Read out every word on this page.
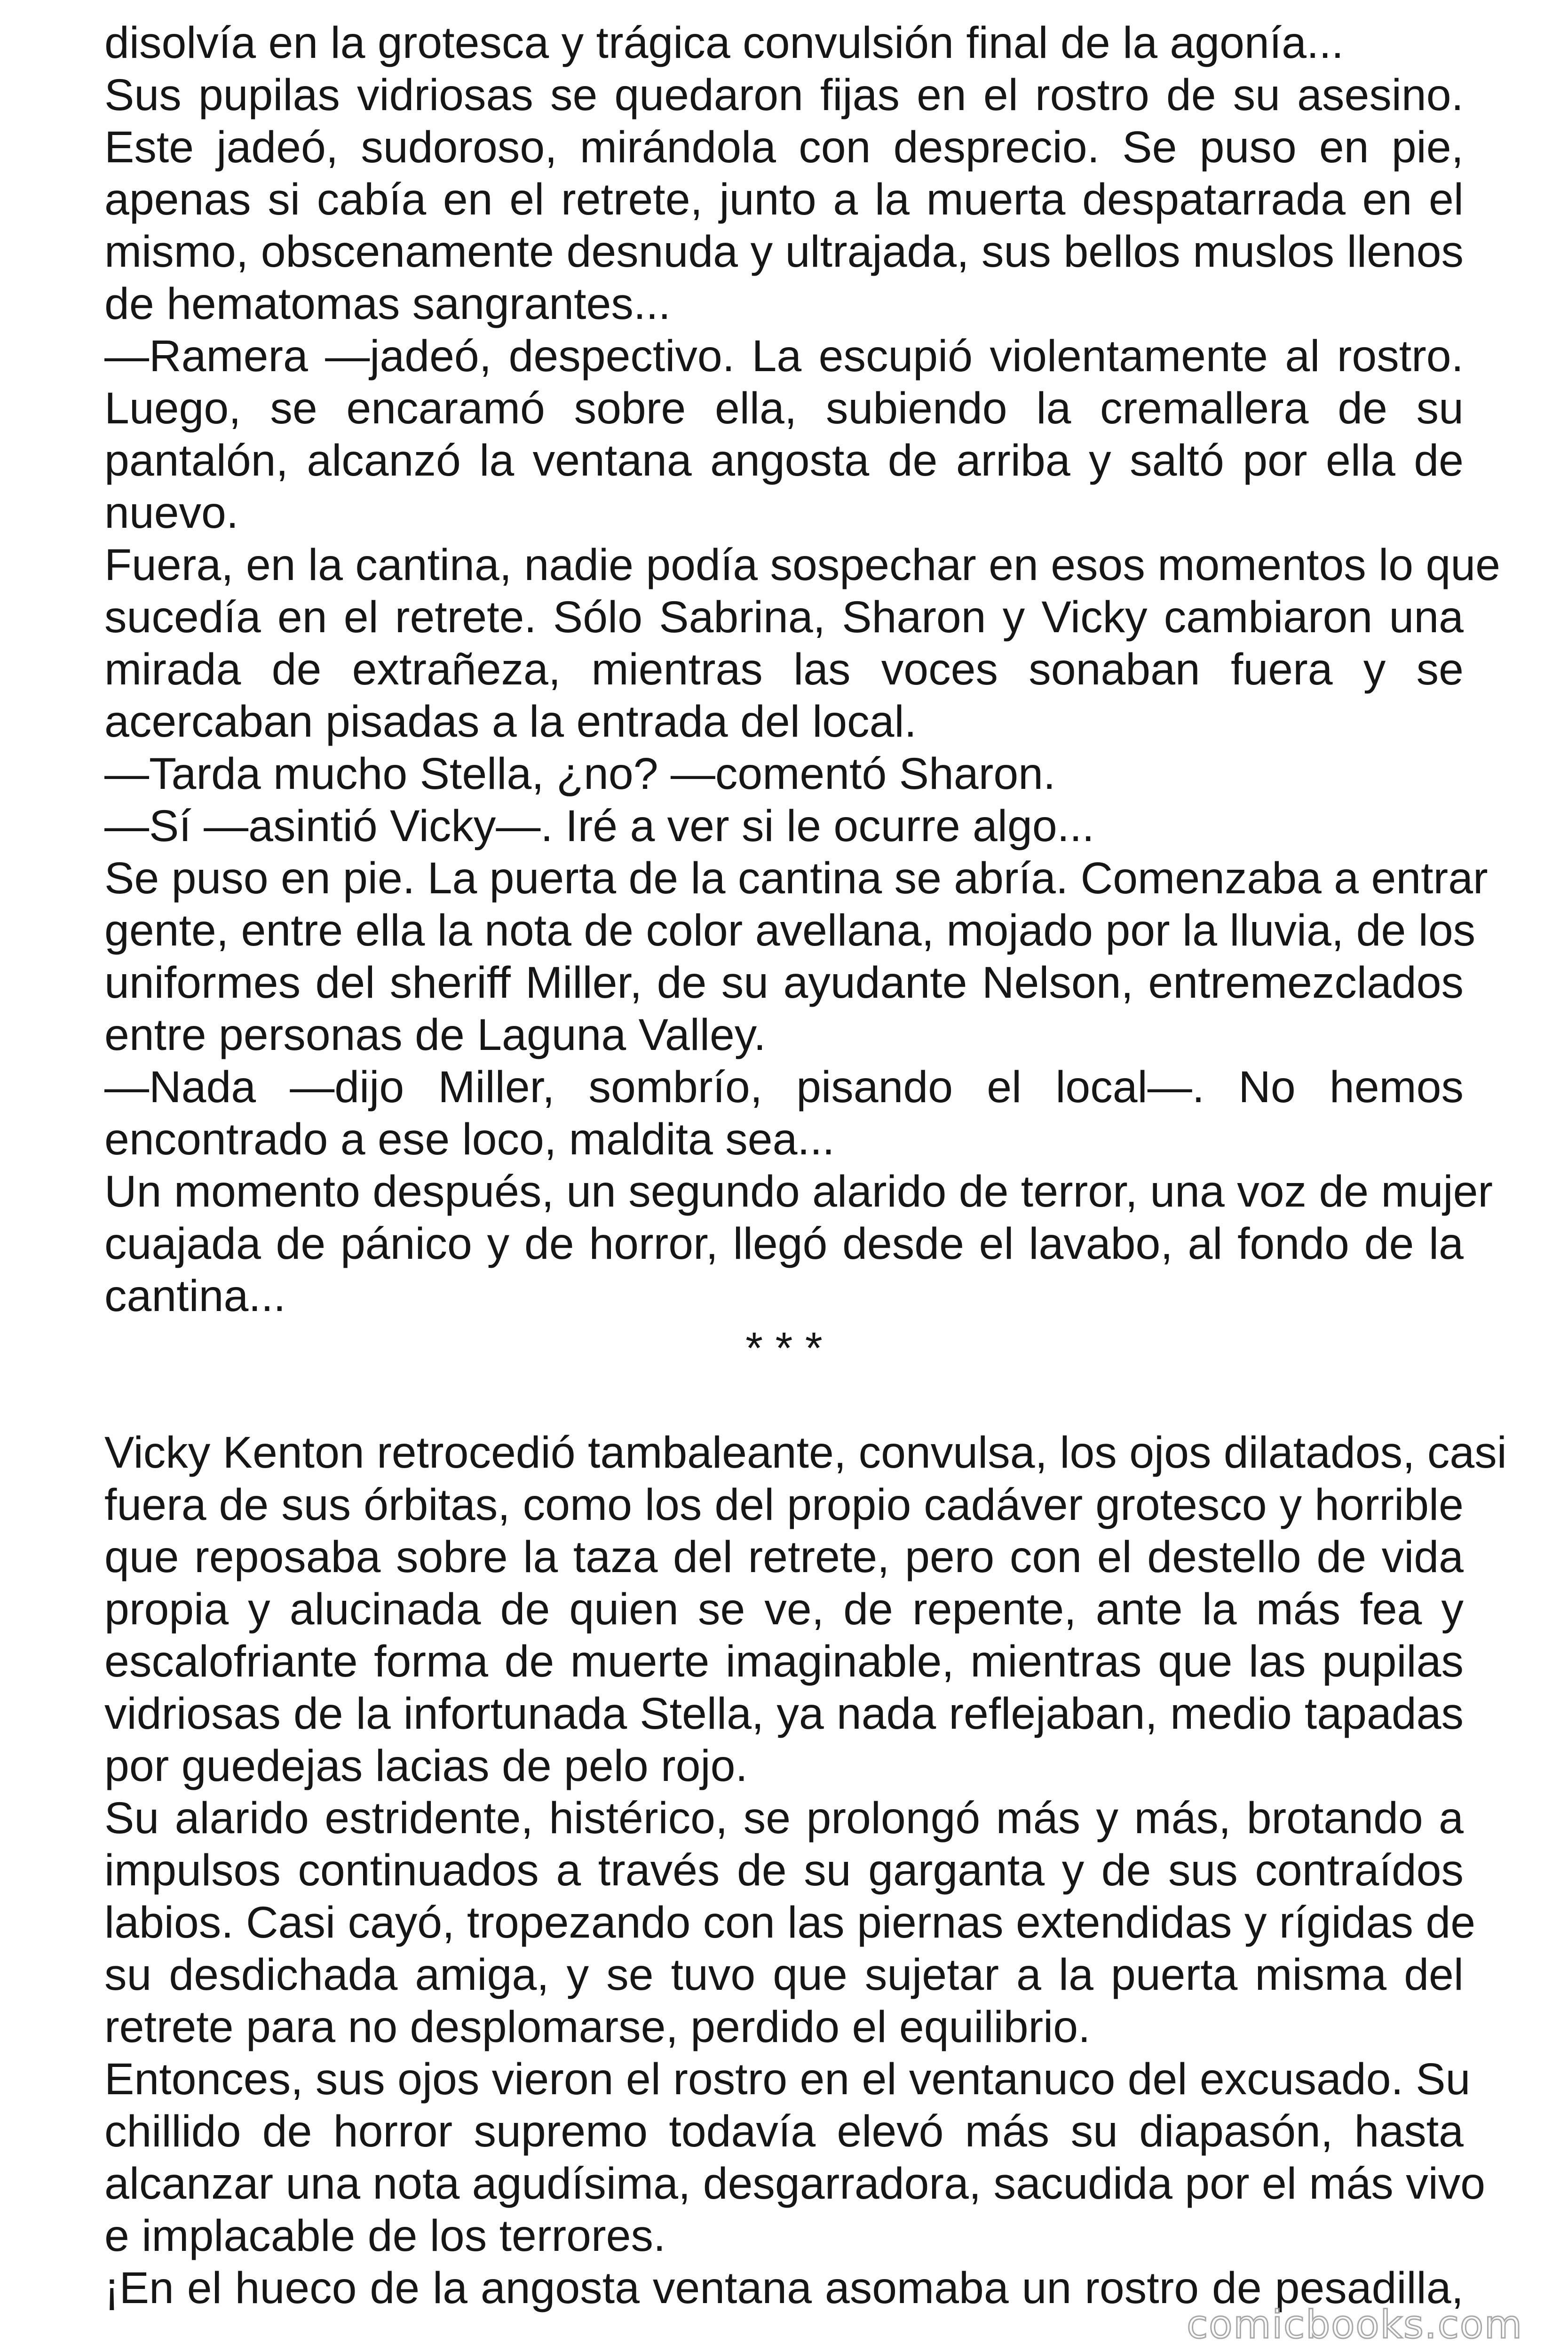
disolvía en la grotesca y trágica convulsión final de la agonía...
Sus pupilas vidriosas se quedaron fijas en el rostro de su asesino.
Este jadeó, sudoroso, mirándola con desprecio. Se puso en pie,
apenas si cabía en el retrete, junto a la muerta despatarrada en el
mismo, obscenamente desnuda y ultrajada, sus bellos muslos llenos
de hematomas sangrantes...
—Ramera —jadeó, despectivo. La escupió violentamente al rostro.
Luego, se encaramó sobre ella, subiendo la cremallera de su
pantalón, alcanzó la ventana angosta de arriba y saltó por ella de
nuevo.
Fuera, en la cantina, nadie podía sospechar en esos momentos lo que
sucedía en el retrete. Sólo Sabrina, Sharon y Vicky cambiaron una
mirada de extrañeza, mientras las voces sonaban fuera y se
acercaban pisadas a la entrada del local.
—Tarda mucho Stella, ¿no? —comentó Sharon.
—Sí —asintió Vicky—. Iré a ver si le ocurre algo...
Se puso en pie. La puerta de la cantina se abría. Comenzaba a entrar
gente, entre ella la nota de color avellana, mojado por la lluvia, de los
uniformes del sheriff Miller, de su ayudante Nelson, entremezclados
entre personas de Laguna Valley.
—Nada —dijo Miller, sombrío, pisando el local—. No hemos
encontrado a ese loco, maldita sea...
Un momento después, un segundo alarido de terror, una voz de mujer
cuajada de pánico y de horror, llegó desde el lavabo, al fondo de la
cantina...
* * *
Vicky Kenton retrocedió tambaleante, convulsa, los ojos dilatados, casi
fuera de sus órbitas, como los del propio cadáver grotesco y horrible
que reposaba sobre la taza del retrete, pero con el destello de vida
propia y alucinada de quien se ve, de repente, ante la más fea y
escalofriante forma de muerte imaginable, mientras que las pupilas
vidriosas de la infortunada Stella, ya nada reflejaban, medio tapadas
por guedejas lacias de pelo rojo.
Su alarido estridente, histérico, se prolongó más y más, brotando a
impulsos continuados a través de su garganta y de sus contraídos
labios. Casi cayó, tropezando con las piernas extendidas y rígidas de
su desdichada amiga, y se tuvo que sujetar a la puerta misma del
retrete para no desplomarse, perdido el equilibrio.
Entonces, sus ojos vieron el rostro en el ventanuco del excusado. Su
chillido de horror supremo todavía elevó más su diapasón, hasta
alcanzar una nota agudísima, desgarradora, sacudida por el más vivo
e implacable de los terrores.
¡En el hueco de la angosta ventana asomaba un rostro de pesadilla,
comicbooks.com
